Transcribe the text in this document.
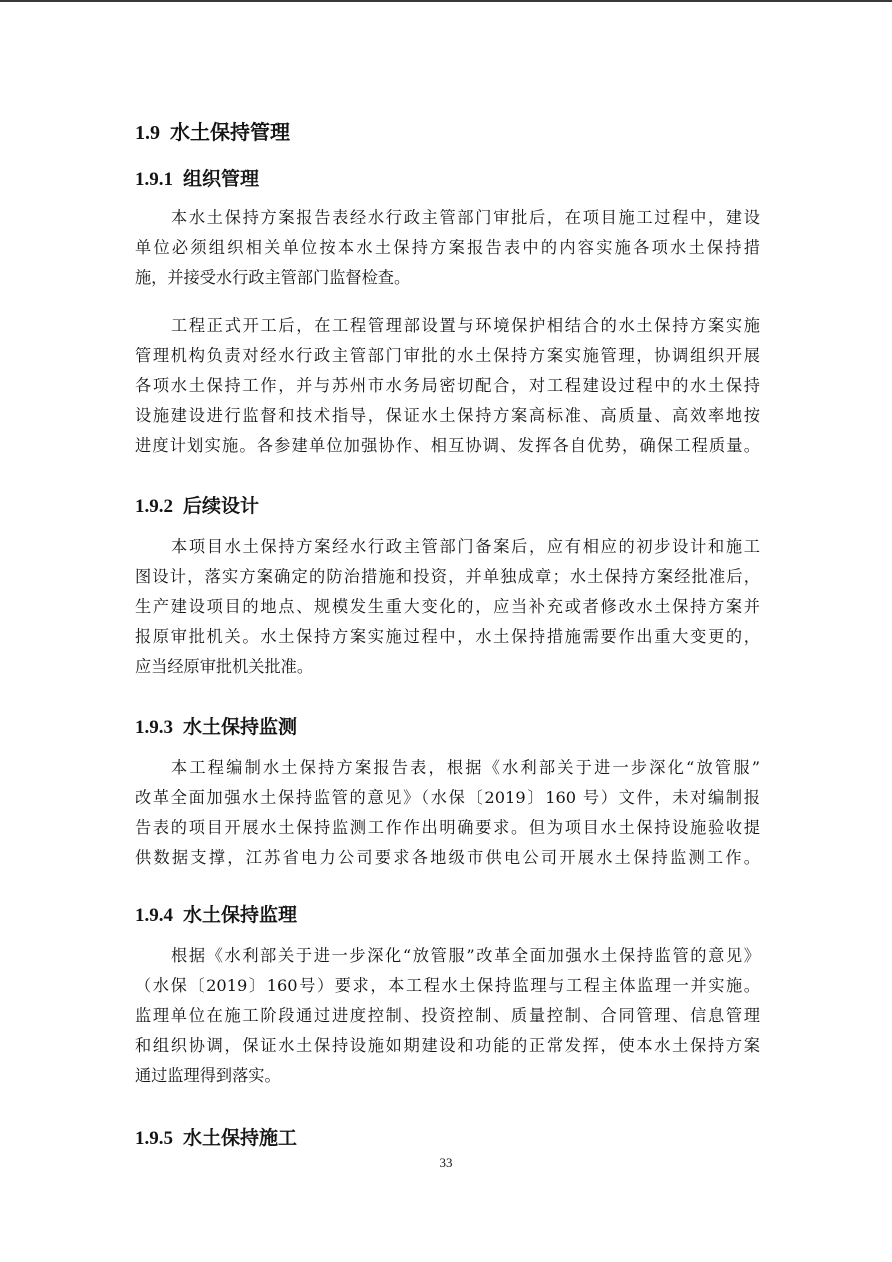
1.9 水土保持管理
1.9.1 组织管理
本水土保持方案报告表经水行政主管部门审批后，在项目施工过程中，建设
单位必须组织相关单位按本水土保持方案报告表中的内容实施各项水土保持措
施，并接受水行政主管部门监督检查。
工程正式开工后，在工程管理部设置与环境保护相结合的水土保持方案实施
管理机构负责对经水行政主管部门审批的水土保持方案实施管理，协调组织开展
各项水土保持工作，并与苏州市水务局密切配合，对工程建设过程中的水土保持
设施建设进行监督和技术指导，保证水土保持方案高标准、高质量、高效率地按
进度计划实施。各参建单位加强协作、相互协调、发挥各自优势，确保工程质量。
1.9.2 后续设计
本项目水土保持方案经水行政主管部门备案后，应有相应的初步设计和施工
图设计，落实方案确定的防治措施和投资，并单独成章；水土保持方案经批准后，
生产建设项目的地点、规模发生重大变化的，应当补充或者修改水土保持方案并
报原审批机关。水土保持方案实施过程中，水土保持措施需要作出重大变更的，
应当经原审批机关批准。
1.9.3 水土保持监测
本工程编制水土保持方案报告表，根据《水利部关于进一步深化“放管服”
改革全面加强水土保持监管的意见》（水保〔2019〕160 号）文件，未对编制报
告表的项目开展水土保持监测工作作出明确要求。但为项目水土保持设施验收提
供数据支撑，江苏省电力公司要求各地级市供电公司开展水土保持监测工作。
1.9.4 水土保持监理
根据《水利部关于进一步深化“放管服”改革全面加强水土保持监管的意见》
（水保〔2019〕160号）要求，本工程水土保持监理与工程主体监理一并实施。
监理单位在施工阶段通过进度控制、投资控制、质量控制、合同管理、信息管理
和组织协调，保证水土保持设施如期建设和功能的正常发挥，使本水土保持方案
通过监理得到落实。
1.9.5 水土保持施工
33
